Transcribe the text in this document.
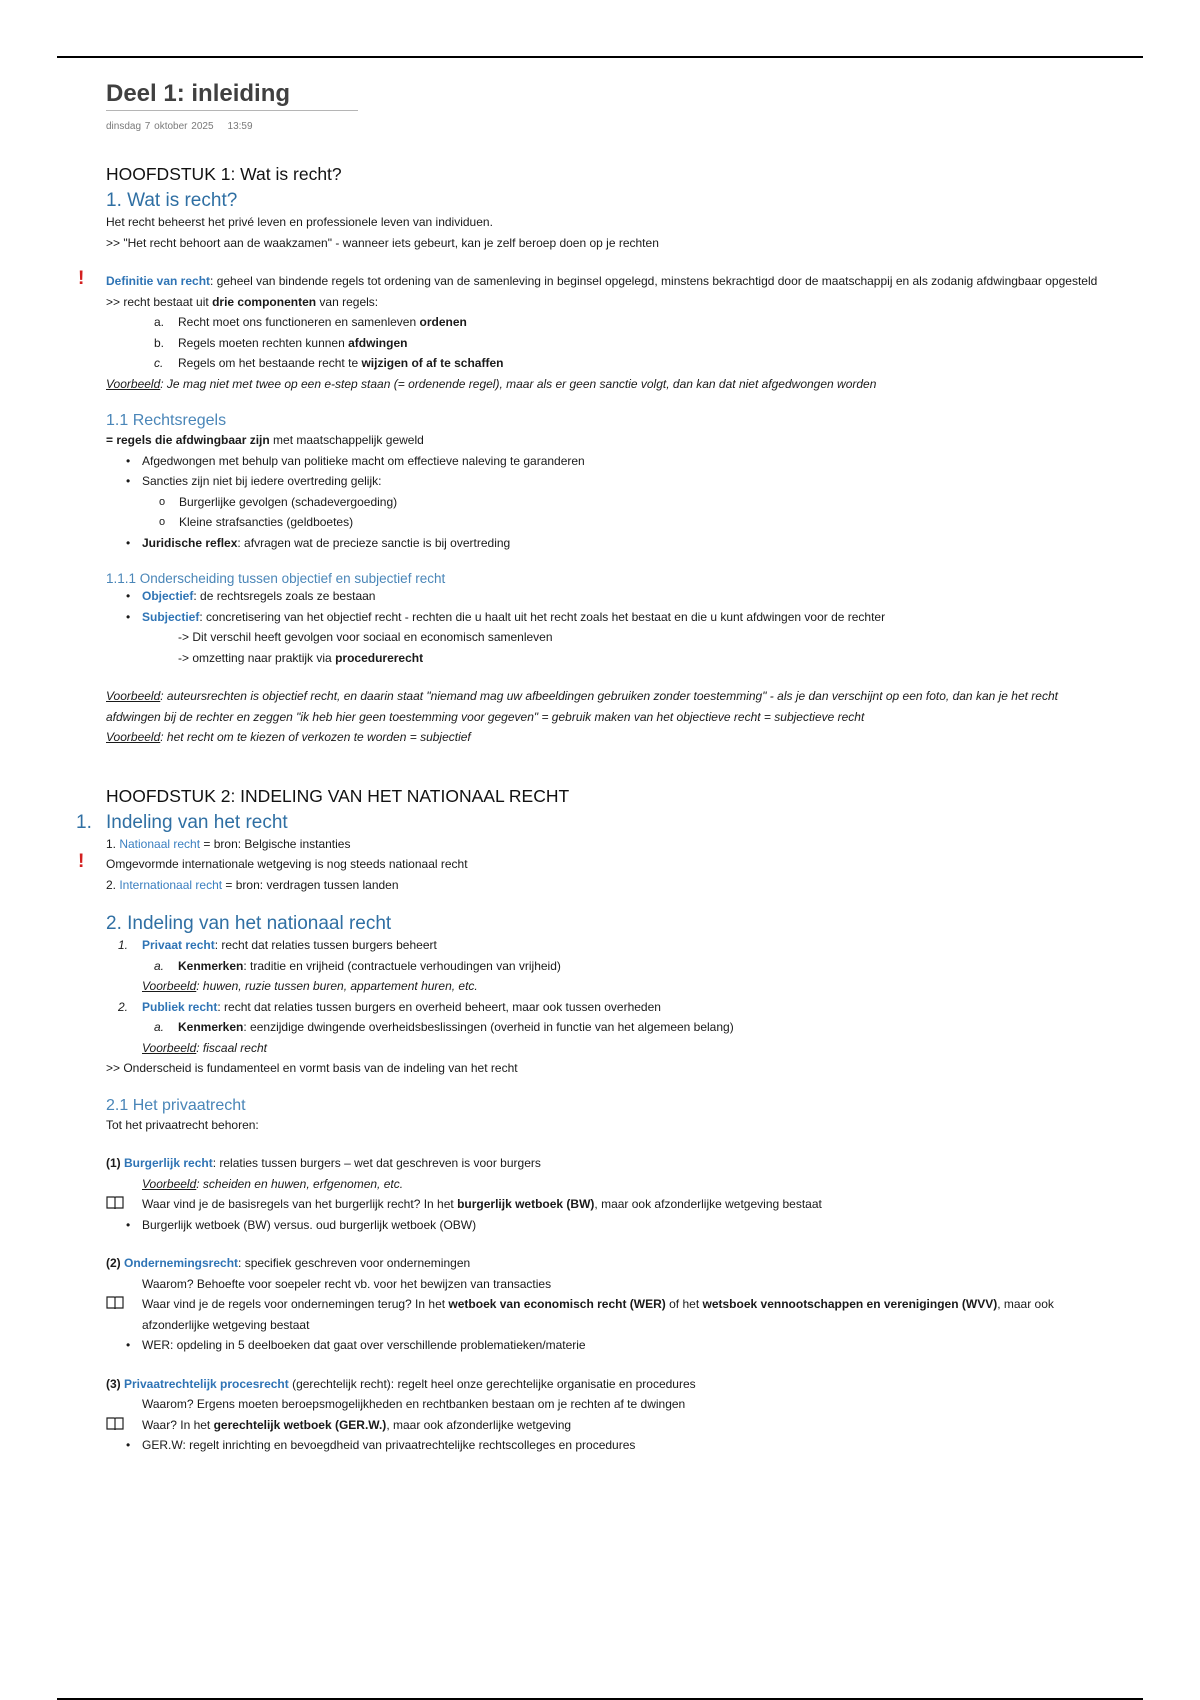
Deel 1: inleiding
dinsdag 7 oktober 2025 13:59
HOOFDSTUK 1: Wat is recht?
1. Wat is recht?

Het recht beheerst het privé leven en professionele leven van individuen.

>> "Het recht behoort aan de waakzamen" - wanneer iets gebeurt, kan je zelf beroep doen op je rechten

! Definitie van recht: geheel van bindende regels tot ordening van de samenleving in beginsel opgelegd, minstens bekrachtigd door de maatschappij en als zodanig afdwingbaar opgesteld

>> recht bestaat uit drie componenten van regels:

a. Recht moet ons functioneren en samenleven ordenen
b. Regels moeten rechten kunnen afdwingen
c. Regels om het bestaande recht te wijzigen of af te schaffen

Voorbeeld: Je mag niet met twee op een e-step staan (= ordenende regel), maar als er geen sanctie volgt, dan kan dat niet afgedwongen worden

1.1 Rechtsregels

= regels die afdwingbaar zijn met maatschappelijk geweld

• Afgedwongen met behulp van politieke macht om effectieve naleving te garanderen
• Sancties zijn niet bij iedere overtreding gelijk:
o Burgerlijke gevolgen (schadevergoeding)
o Kleine strafsancties (geldboetes)
• Juridische reflex: afvragen wat de precieze sanctie is bij overtreding
1.1.1 Onderscheiding tussen objectief en subjectief recht
• Objectief: de rechtsregels zoals ze bestaan
• Subjectief: concretisering van het objectief recht - rechten die u haalt uit het recht zoals het bestaat en die u kunt afdwingen voor de rechter
-> Dit verschil heeft gevolgen voor sociaal en economisch samenleven
-> omzetting naar praktijk via procedurerecht

Voorbeeld: auteursrechten is objectief recht, en daarin staat "niemand mag uw afbeeldingen gebruiken zonder toestemming" - als je dan verschijnt op een foto, dan kan je het recht afdwingen bij de rechter en zeggen "ik heb hier geen toestemming voor gegeven" = gebruik maken van het objectieve recht = subjectieve recht

Voorbeeld: het recht om te kiezen of verkozen te worden = subjectief

HOOFDSTUK 2: INDELING VAN HET NATIONAAL RECHT
1. Indeling van het recht

1. Nationaal recht = bron: Belgische instanties

! Omgevormde internationale wetgeving is nog steeds nationaal recht

2. Internationaal recht = bron: verdragen tussen landen

2. Indeling van het nationaal recht
1. Privaat recht: recht dat relaties tussen burgers beheert
a. Kenmerken: traditie en vrijheid (contractuele verhoudingen van vrijheid)
Voorbeeld: huwen, ruzie tussen buren, appartement huren, etc.
2. Publiek recht: recht dat relaties tussen burgers en overheid beheert, maar ook tussen overheden
a. Kenmerken: eenzijdige dwingende overheidsbeslissingen (overheid in functie van het algemeen belang)
Voorbeeld: fiscaal recht

>> Onderscheid is fundamenteel en vormt basis van de indeling van het recht

2.1 Het privaatrecht

Tot het privaatrecht behoren:

(1) Burgerlijk recht: relaties tussen burgers – wet dat geschreven is voor burgers

Voorbeeld: scheiden en huwen, erfgenomen, etc.
Waar vind je de basisregels van het burgerlijk recht? In het burgerlijk wetboek (BW), maar ook afzonderlijke wetgeving bestaat
• Burgerlijk wetboek (BW) versus. oud burgerlijk wetboek (OBW)

(2) Ondernemingsrecht: specifiek geschreven voor ondernemingen

Waarom? Behoefte voor soepeler recht vb. voor het bewijzen van transacties
Waar vind je de regels voor ondernemingen terug? In het wetboek van economisch recht (WER) of het wetsboek vennootschappen en verenigingen (WVV), maar ook afzonderlijke wetgeving bestaat
• WER: opdeling in 5 deelboeken dat gaat over verschillende problematieken/materie

(3) Privaatrechtelijk procesrecht (gerechtelijk recht): regelt heel onze gerechtelijke organisatie en procedures

Waarom? Ergens moeten beroepsmogelijkheden en rechtbanken bestaan om je rechten af te dwingen
Waar? In het gerechtelijk wetboek (GER.W.), maar ook afzonderlijke wetgeving
• GER.W: regelt inrichting en bevoegdheid van privaatrechtelijke rechtscolleges en procedures
